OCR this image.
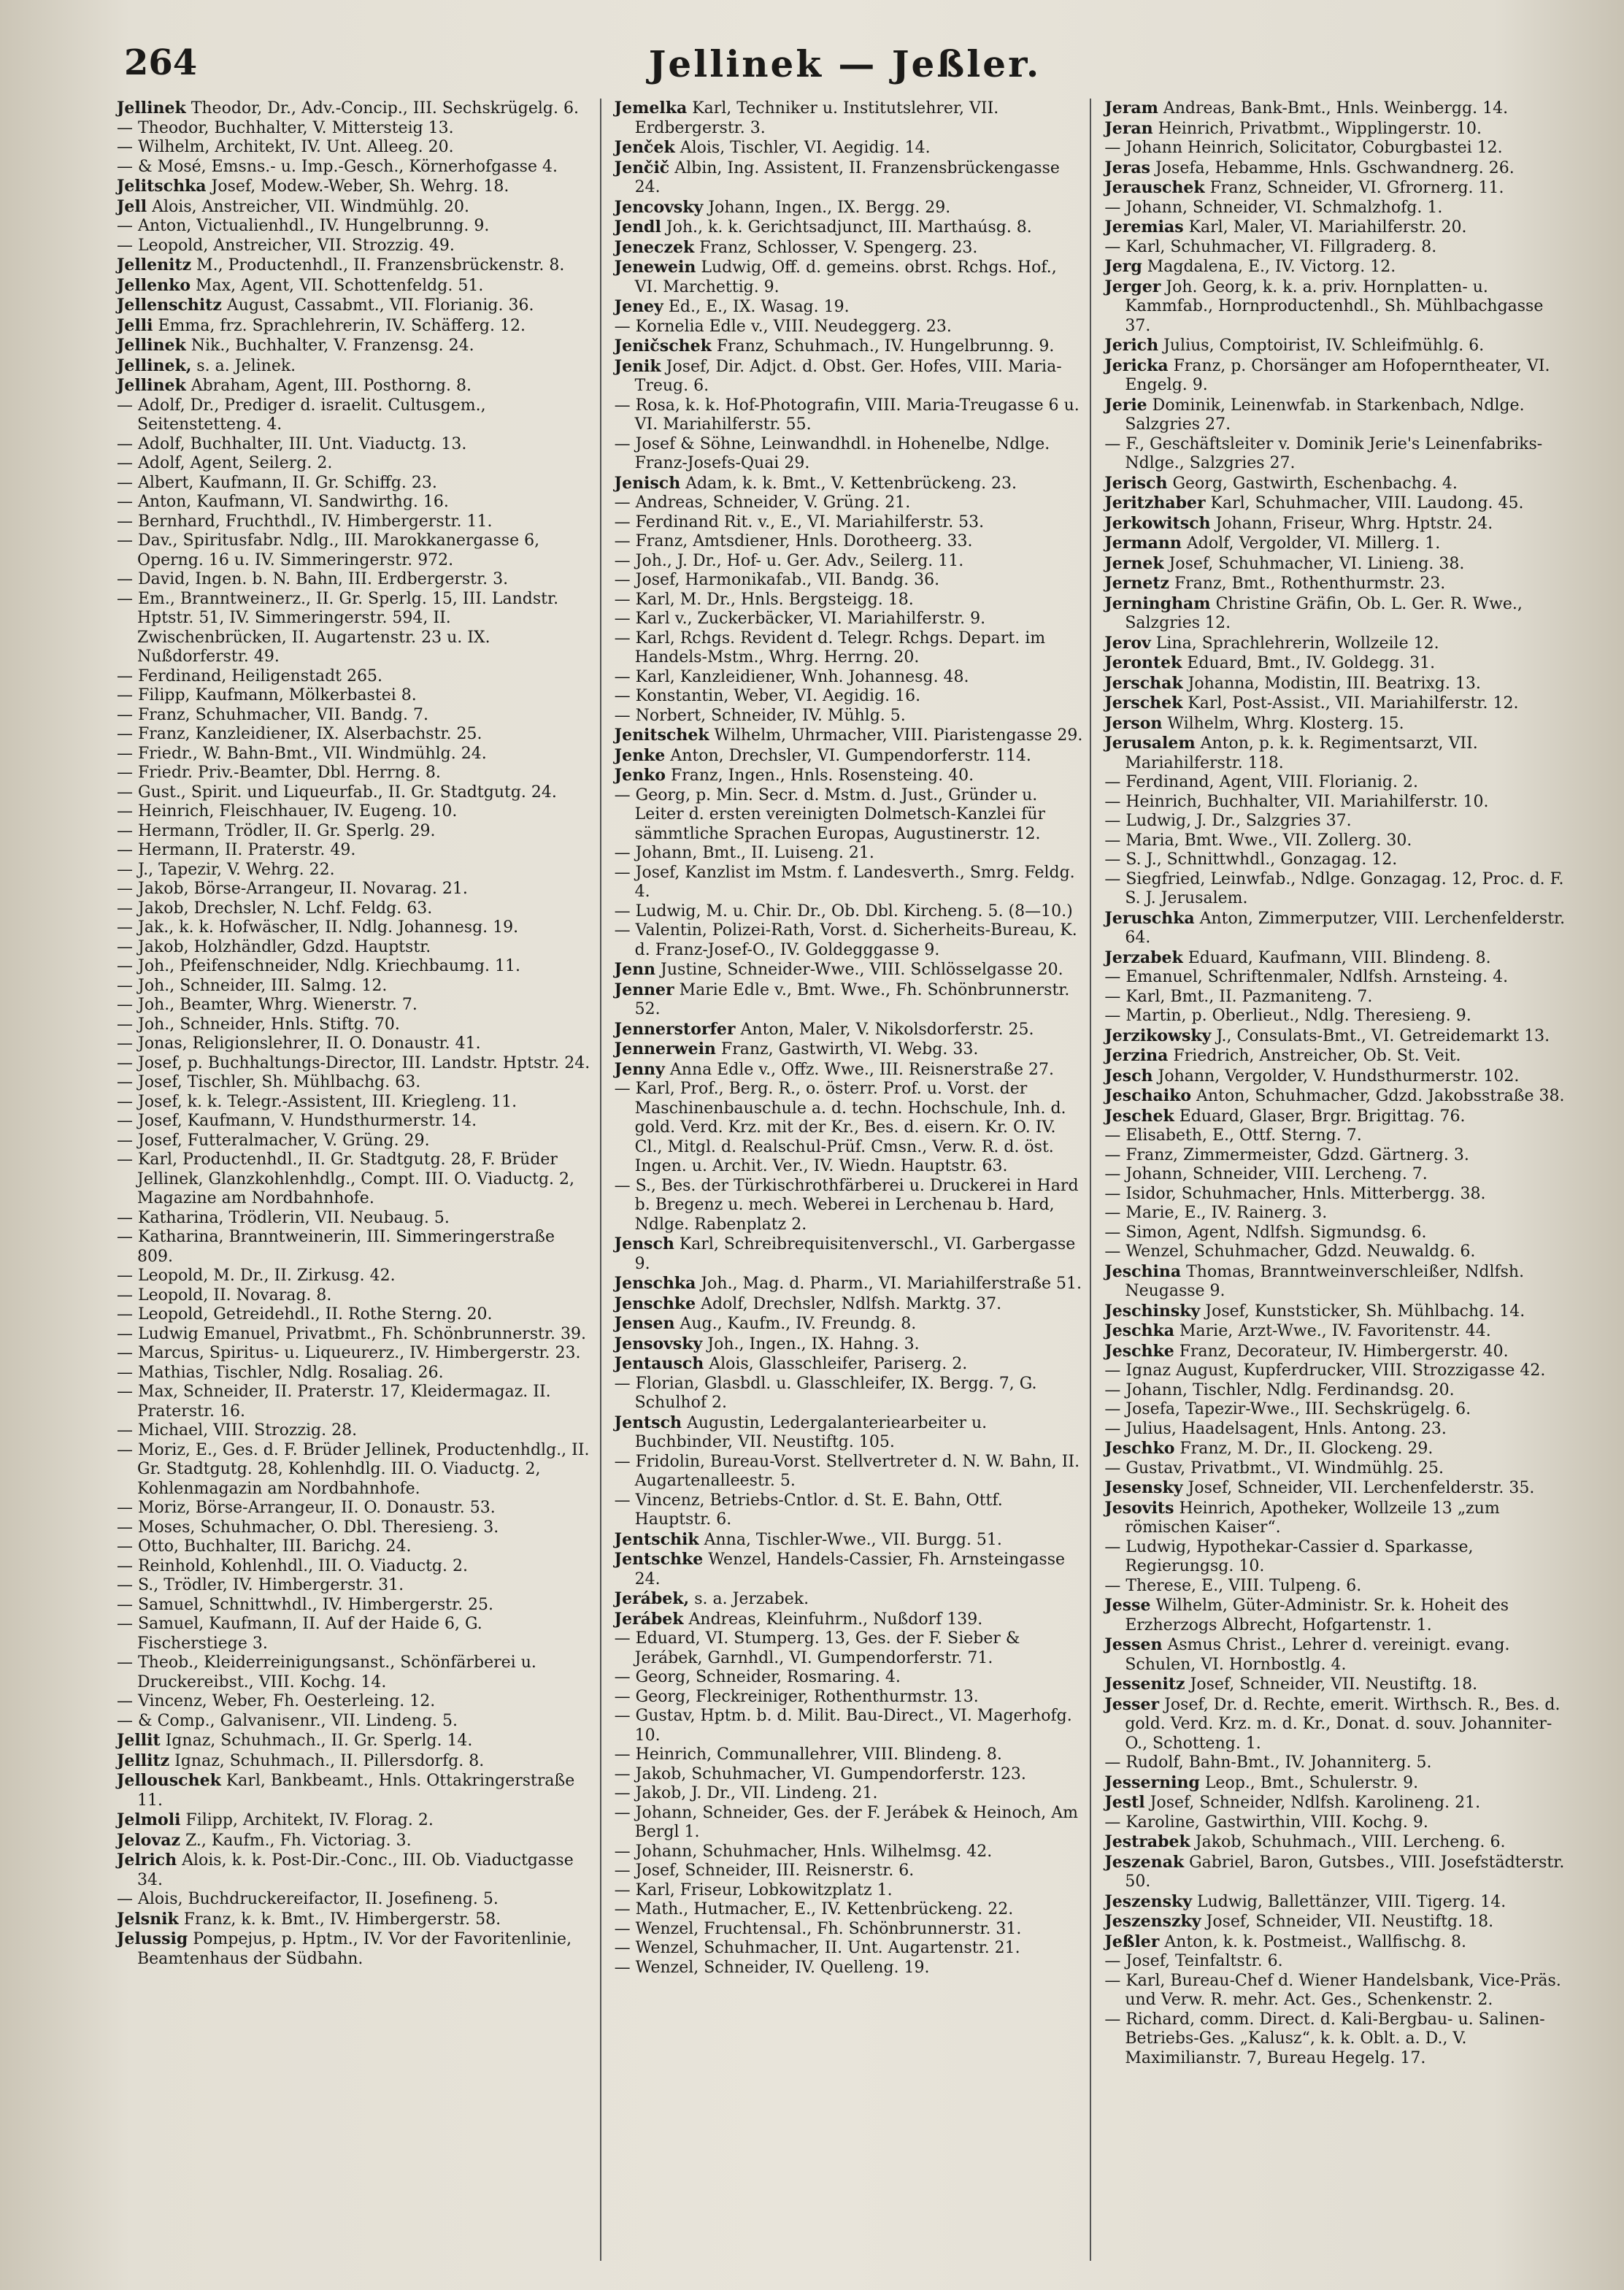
264	Jellinek — Jeßler.

Jellinek Theodor, Dr., Adv.-Concip., III. Sechskrügelg. 6.

— Theodor, Buchhalter, V. Mittersteig 13.

— Wilhelm, Architekt, IV. Unt. Alleeg. 20.

— & Mosé, Emsns.- u. Imp.-Gesch., Körnerhofgasse 4.

Jelitschka Josef, Modew.-Weber, Sh. Wehrg. 18.

Jell Alois, Anstreicher, VII. Windmühlg. 20.

— Anton, Victualienhdl., IV. Hungelbrunng. 9.

— Leopold, Anstreicher, VII. Strozzig. 49.

Jellenitz M., Productenhdl., II. Franzensbrückenstr. 8.

Jellenko Max, Agent, VII. Schottenfeldg. 51.

Jellenschitz August, Cassabmt., VII. Florianig. 36.

Jelli Emma, frz. Sprachlehrerin, IV. Schäfferg. 12.

Jellinek Nik., Buchhalter, V. Franzensg. 24.

Jellinek, s. a. Jelinek.

Jellinek Abraham, Agent, III. Posthorng. 8.

— Adolf, Dr., Prediger d. israelit. Cultusgem., Seitenstetteng. 4.

— Adolf, Buchhalter, III. Unt. Viaductg. 13.

— Adolf, Agent, Seilerg. 2.

— Albert, Kaufmann, II. Gr. Schiffg. 23.

— Anton, Kaufmann, VI. Sandwirthg. 16.

— Bernhard, Fruchthdl., IV. Himbergerstr. 11.

— Dav., Spiritusfabr. Ndlg., III. Marokkanergasse 6, Operng. 16 u. IV. Simmeringerstr. 972.

— David, Ingen. b. N. Bahn, III. Erdbergerstr. 3.

— Em., Branntweinerz., II. Gr. Sperlg. 15, III. Landstr. Hptstr. 51, IV. Simmeringerstr. 594, II. Zwischenbrücken, II. Augartenstr. 23 u. IX. Nußdorferstr. 49.

— Ferdinand, Heiligenstadt 265.

— Filipp, Kaufmann, Mölkerbastei 8.

— Franz, Schuhmacher, VII. Bandg. 7.

— Franz, Kanzleidiener, IX. Alserbachstr. 25.

— Friedr., W. Bahn-Bmt., VII. Windmühlg. 24.

— Friedr. Priv.-Beamter, Dbl. Herrng. 8.

— Gust., Spirit. und Liqueurfab., II. Gr. Stadtgutg. 24.

— Heinrich, Fleischhauer, IV. Eugeng. 10.

— Hermann, Trödler, II. Gr. Sperlg. 29.

— Hermann, II. Praterstr. 49.

— J., Tapezir, V. Wehrg. 22.

— Jakob, Börse-Arrangeur, II. Novarag. 21.

— Jakob, Drechsler, N. Lchf. Feldg. 63.

— Jak., k. k. Hofwäscher, II. Ndlg. Johannesg. 19.

— Jakob, Holzhändler, Gdzd. Hauptstr.

— Joh., Pfeifenschneider, Ndlg. Kriechbaumg. 11.

— Joh., Schneider, III. Salmg. 12.

— Joh., Beamter, Whrg. Wienerstr. 7.

— Joh., Schneider, Hnls. Stiftg. 70.

— Jonas, Religionslehrer, II. O. Donaustr. 41.

— Josef, p. Buchhaltungs-Director, III. Landstr. Hptstr. 24.

— Josef, Tischler, Sh. Mühlbachg. 63.

— Josef, k. k. Telegr.-Assistent, III. Kriegleng. 11.

— Josef, Kaufmann, V. Hundsthurmerstr. 14.

— Josef, Futteralmacher, V. Grüng. 29.

— Karl, Productenhdl., II. Gr. Stadtgutg. 28, F. Brüder Jellinek, Glanzkohlenhdlg., Compt. III. O. Viaductg. 2, Magazine am Nordbahnhofe.

— Katharina, Trödlerin, VII. Neubaug. 5.

— Katharina, Branntweinerin, III. Simmeringerstraße 809.

— Leopold, M. Dr., II. Zirkusg. 42.

— Leopold, II. Novarag. 8.

— Leopold, Getreidehdl., II. Rothe Sterng. 20.

— Ludwig Emanuel, Privatbmt., Fh. Schönbrunnerstr. 39.

— Marcus, Spiritus- u. Liqueurerz., IV. Himbergerstr. 23.

— Mathias, Tischler, Ndlg. Rosaliag. 26.

— Max, Schneider, II. Praterstr. 17, Kleidermagaz. II. Praterstr. 16.

— Michael, VIII. Strozzig. 28.

— Moriz, E., Ges. d. F. Brüder Jellinek, Productenhdlg., II. Gr. Stadtgutg. 28, Kohlenhdlg. III. O. Viaductg. 2, Kohlenmagazin am Nordbahnhofe.

— Moriz, Börse-Arrangeur, II. O. Donaustr. 53.

— Moses, Schuhmacher, O. Dbl. Theresieng. 3.

— Otto, Buchhalter, III. Barichg. 24.

— Reinhold, Kohlenhdl., III. O. Viaductg. 2.

— S., Trödler, IV. Himbergerstr. 31.

— Samuel, Schnittwhdl., IV. Himbergerstr. 25.

— Samuel, Kaufmann, II. Auf der Haide 6, G. Fischerstiege 3.

— Theob., Kleiderreinigungsanst., Schönfärberei u. Druckereibst., VIII. Kochg. 14.

— Vincenz, Weber, Fh. Oesterleing. 12.

— & Comp., Galvanisenr., VII. Lindeng. 5.

Jellit Ignaz, Schuhmach., II. Gr. Sperlg. 14.

Jellitz Ignaz, Schuhmach., II. Pillersdorfg. 8.

Jellouschek Karl, Bankbeamt., Hnls. Ottakringerstraße 11.

Jelmoli Filipp, Architekt, IV. Florag. 2.

Jelovaz Z., Kaufm., Fh. Victoriag. 3.

Jelrich Alois, k. k. Post-Dir.-Conc., III. Ob. Viaductgasse 34.

— Alois, Buchdruckereifactor, II. Josefineng. 5.

Jelsnik Franz, k. k. Bmt., IV. Himbergerstr. 58.

Jelussig Pompejus, p. Hptm., IV. Vor der Favoritenlinie, Beamtenhaus der Südbahn.

Jemelka Karl, Techniker u. Institutslehrer, VII. Erdbergerstr. 3.

Jenček Alois, Tischler, VI. Aegidig. 14.

Jenčič Albin, Ing. Assistent, II. Franzensbrückengasse 24.

Jencovsky Johann, Ingen., IX. Bergg. 29.

Jendl Joh., k. k. Gerichtsadjunct, III. Marthaúsg. 8.

Jeneczek Franz, Schlosser, V. Spengerg. 23.

Jenewein Ludwig, Off. d. gemeins. obrst. Rchgs. Hof., VI. Marchettig. 9.

Jeney Ed., E., IX. Wasag. 19.

— Kornelia Edle v., VIII. Neudeggerg. 23.

Jeničschek Franz, Schuhmach., IV. Hungelbrunng. 9.

Jenik Josef, Dir. Adjct. d. Obst. Ger. Hofes, VIII. Maria-Treug. 6.

— Rosa, k. k. Hof-Photografin, VIII. Maria-Treugasse 6 u. VI. Mariahilferstr. 55.

— Josef & Söhne, Leinwandhdl. in Hohenelbe, Ndlge. Franz-Josefs-Quai 29.

Jenisch Adam, k. k. Bmt., V. Kettenbrückeng. 23.

— Andreas, Schneider, V. Grüng. 21.

— Ferdinand Rit. v., E., VI. Mariahilferstr. 53.

— Franz, Amtsdiener, Hnls. Dorotheerg. 33.

— Joh., J. Dr., Hof- u. Ger. Adv., Seilerg. 11.

— Josef, Harmonikafab., VII. Bandg. 36.

— Karl, M. Dr., Hnls. Bergsteigg. 18.

— Karl v., Zuckerbäcker, VI. Mariahilferstr. 9.

— Karl, Rchgs. Revident d. Telegr. Rchgs. Depart. im Handels-Mstm., Whrg. Herrng. 20.

— Karl, Kanzleidiener, Wnh. Johannesg. 48.

— Konstantin, Weber, VI. Aegidig. 16.

— Norbert, Schneider, IV. Mühlg. 5.

Jenitschek Wilhelm, Uhrmacher, VIII. Piaristengasse 29.

Jenke Anton, Drechsler, VI. Gumpendorferstr. 114.

Jenko Franz, Ingen., Hnls. Rosensteing. 40.

— Georg, p. Min. Secr. d. Mstm. d. Just., Gründer u. Leiter d. ersten vereinigten Dolmetsch-Kanzlei für sämmtliche Sprachen Europas, Augustinerstr. 12.

— Johann, Bmt., II. Luiseng. 21.

— Josef, Kanzlist im Mstm. f. Landesverth., Smrg. Feldg. 4.

— Ludwig, M. u. Chir. Dr., Ob. Dbl. Kircheng. 5. (8—10.)

— Valentin, Polizei-Rath, Vorst. d. Sicherheits-Bureau, K. d. Franz-Josef-O., IV. Goldegggasse 9.

Jenn Justine, Schneider-Wwe., VIII. Schlösselgasse 20.

Jenner Marie Edle v., Bmt. Wwe., Fh. Schönbrunnerstr. 52.

Jennerstorfer Anton, Maler, V. Nikolsdorferstr. 25.

Jennerwein Franz, Gastwirth, VI. Webg. 33.

Jenny Anna Edle v., Offz. Wwe., III. Reisnerstraße 27.

— Karl, Prof., Berg. R., o. österr. Prof. u. Vorst. der Maschinenbauschule a. d. techn. Hochschule, Inh. d. gold. Verd. Krz. mit der Kr., Bes. d. eisern. Kr. O. IV. Cl., Mitgl. d. Realschul-Prüf. Cmsn., Verw. R. d. öst. Ingen. u. Archit. Ver., IV. Wiedn. Hauptstr. 63.

— S., Bes. der Türkischrothfärberei u. Druckerei in Hard b. Bregenz u. mech. Weberei in Lerchenau b. Hard, Ndlge. Rabenplatz 2.

Jensch Karl, Schreibrequisitenverschl., VI. Garbergasse 9.

Jenschka Joh., Mag. d. Pharm., VI. Mariahilferstraße 51.

Jenschke Adolf, Drechsler, Ndlfsh. Marktg. 37.

Jensen Aug., Kaufm., IV. Freundg. 8.

Jensovsky Joh., Ingen., IX. Hahng. 3.

Jentausch Alois, Glasschleifer, Pariserg. 2.

— Florian, Glasbdl. u. Glasschleifer, IX. Bergg. 7, G. Schulhof 2.

Jentsch Augustin, Ledergalanteriearbeiter u. Buchbinder, VII. Neustiftg. 105.

— Fridolin, Bureau-Vorst. Stellvertreter d. N. W. Bahn, II. Augartenalleestr. 5.

— Vincenz, Betriebs-Cntlor. d. St. E. Bahn, Ottf. Hauptstr. 6.

Jentschik Anna, Tischler-Wwe., VII. Burgg. 51.

Jentschke Wenzel, Handels-Cassier, Fh. Arnsteingasse 24.

Jerábek, s. a. Jerzabek.

Jerábek Andreas, Kleinfuhrm., Nußdorf 139.

— Eduard, VI. Stumperg. 13, Ges. der F. Sieber & Jerábek, Garnhdl., VI. Gumpendorferstr. 71.

— Georg, Schneider, Rosmaring. 4.

— Georg, Fleckreiniger, Rothenthurmstr. 13.

— Gustav, Hptm. b. d. Milit. Bau-Direct., VI. Magerhofg. 10.

— Heinrich, Communallehrer, VIII. Blindeng. 8.

— Jakob, Schuhmacher, VI. Gumpendorferstr. 123.

— Jakob, J. Dr., VII. Lindeng. 21.

— Johann, Schneider, Ges. der F. Jerábek & Heinoch, Am Bergl 1.

— Johann, Schuhmacher, Hnls. Wilhelmsg. 42.

— Josef, Schneider, III. Reisnerstr. 6.

— Karl, Friseur, Lobkowitzplatz 1.

— Math., Hutmacher, E., IV. Kettenbrückeng. 22.

— Wenzel, Fruchtensal., Fh. Schönbrunnerstr. 31.

— Wenzel, Schuhmacher, II. Unt. Augartenstr. 21.

— Wenzel, Schneider, IV. Quelleng. 19.

Jeram Andreas, Bank-Bmt., Hnls. Weinbergg. 14.

Jeran Heinrich, Privatbmt., Wipplingerstr. 10.

— Johann Heinrich, Solicitator, Coburgbastei 12.

Jeras Josefa, Hebamme, Hnls. Gschwandnerg. 26.

Jerauschek Franz, Schneider, VI. Gfrornerg. 11.

— Johann, Schneider, VI. Schmalzhofg. 1.

Jeremias Karl, Maler, VI. Mariahilferstr. 20.

— Karl, Schuhmacher, VI. Fillgraderg. 8.

Jerg Magdalena, E., IV. Victorg. 12.

Jerger Joh. Georg, k. k. a. priv. Hornplatten- u. Kammfab., Hornproductenhdl., Sh. Mühlbachgasse 37.

Jerich Julius, Comptoirist, IV. Schleifmühlg. 6.

Jericka Franz, p. Chorsänger am Hofoperntheater, VI. Engelg. 9.

Jerie Dominik, Leinenwfab. in Starkenbach, Ndlge. Salzgries 27.

— F., Geschäftsleiter v. Dominik Jerie's Leinenfabriks-Ndlge., Salzgries 27.

Jerisch Georg, Gastwirth, Eschenbachg. 4.

Jeritzhaber Karl, Schuhmacher, VIII. Laudong. 45.

Jerkowitsch Johann, Friseur, Whrg. Hptstr. 24.

Jermann Adolf, Vergolder, VI. Millerg. 1.

Jernek Josef, Schuhmacher, VI. Linieng. 38.

Jernetz Franz, Bmt., Rothenthurmstr. 23.

Jerningham Christine Gräfin, Ob. L. Ger. R. Wwe., Salzgries 12.

Jerov Lina, Sprachlehrerin, Wollzeile 12.

Jerontek Eduard, Bmt., IV. Goldegg. 31.

Jerschak Johanna, Modistin, III. Beatrixg. 13.

Jerschek Karl, Post-Assist., VII. Mariahilferstr. 12.

Jerson Wilhelm, Whrg. Klosterg. 15.

Jerusalem Anton, p. k. k. Regimentsarzt, VII. Mariahilferstr. 118.

— Ferdinand, Agent, VIII. Florianig. 2.

— Heinrich, Buchhalter, VII. Mariahilferstr. 10.

— Ludwig, J. Dr., Salzgries 37.

— Maria, Bmt. Wwe., VII. Zollerg. 30.

— S. J., Schnittwhdl., Gonzagag. 12.

— Siegfried, Leinwfab., Ndlge. Gonzagag. 12, Proc. d. F. S. J. Jerusalem.

Jeruschka Anton, Zimmerputzer, VIII. Lerchenfelderstr. 64.

Jerzabek Eduard, Kaufmann, VIII. Blindeng. 8.

— Emanuel, Schriftenmaler, Ndlfsh. Arnsteing. 4.

— Karl, Bmt., II. Pazmaniteng. 7.

— Martin, p. Oberlieut., Ndlg. Theresieng. 9.

Jerzikowsky J., Consulats-Bmt., VI. Getreidemarkt 13.

Jerzina Friedrich, Anstreicher, Ob. St. Veit.

Jesch Johann, Vergolder, V. Hundsthurmerstr. 102.

Jeschaiko Anton, Schuhmacher, Gdzd. Jakobsstraße 38.

Jeschek Eduard, Glaser, Brgr. Brigittag. 76.

— Elisabeth, E., Ottf. Sterng. 7.

— Franz, Zimmermeister, Gdzd. Gärtnerg. 3.

— Johann, Schneider, VIII. Lercheng. 7.

— Isidor, Schuhmacher, Hnls. Mitterbergg. 38.

— Marie, E., IV. Rainerg. 3.

— Simon, Agent, Ndlfsh. Sigmundsg. 6.

— Wenzel, Schuhmacher, Gdzd. Neuwaldg. 6.

Jeschina Thomas, Branntweinverschleißer, Ndlfsh. Neugasse 9.

Jeschinsky Josef, Kunststicker, Sh. Mühlbachg. 14.

Jeschka Marie, Arzt-Wwe., IV. Favoritenstr. 44.

Jeschke Franz, Decorateur, IV. Himbergerstr. 40.

— Ignaz August, Kupferdrucker, VIII. Strozzigasse 42.

— Johann, Tischler, Ndlg. Ferdinandsg. 20.

— Josefa, Tapezir-Wwe., III. Sechskrügelg. 6.

— Julius, Haadelsagent, Hnls. Antong. 23.

Jeschko Franz, M. Dr., II. Glockeng. 29.

— Gustav, Privatbmt., VI. Windmühlg. 25.

Jesensky Josef, Schneider, VII. Lerchenfelderstr. 35.

Jesovits Heinrich, Apotheker, Wollzeile 13 „zum römischen Kaiser“.

— Ludwig, Hypothekar-Cassier d. Sparkasse, Regierungsg. 10.

— Therese, E., VIII. Tulpeng. 6.

Jesse Wilhelm, Güter-Administr. Sr. k. Hoheit des Erzherzogs Albrecht, Hofgartenstr. 1.

Jessen Asmus Christ., Lehrer d. vereinigt. evang. Schulen, VI. Hornbostlg. 4.

Jessenitz Josef, Schneider, VII. Neustiftg. 18.

Jesser Josef, Dr. d. Rechte, emerit. Wirthsch. R., Bes. d. gold. Verd. Krz. m. d. Kr., Donat. d. souv. Johanniter-O., Schotteng. 1.

— Rudolf, Bahn-Bmt., IV. Johanniterg. 5.

Jesserning Leop., Bmt., Schulerstr. 9.

Jestl Josef, Schneider, Ndlfsh. Karolineng. 21.

— Karoline, Gastwirthin, VIII. Kochg. 9.

Jestrabek Jakob, Schuhmach., VIII. Lercheng. 6.

Jeszenak Gabriel, Baron, Gutsbes., VIII. Josefstädterstr. 50.

Jeszensky Ludwig, Ballettänzer, VIII. Tigerg. 14.

Jeszenszky Josef, Schneider, VII. Neustiftg. 18.

Jeßler Anton, k. k. Postmeist., Wallfischg. 8.

— Josef, Teinfaltstr. 6.

— Karl, Bureau-Chef d. Wiener Handelsbank, Vice-Präs. und Verw. R. mehr. Act. Ges., Schenkenstr. 2.

— Richard, comm. Direct. d. Kali-Bergbau- u. Salinen-Betriebs-Ges. „Kalusz“, k. k. Oblt. a. D., V. Maximilianstr. 7, Bureau Hegelg. 17.
